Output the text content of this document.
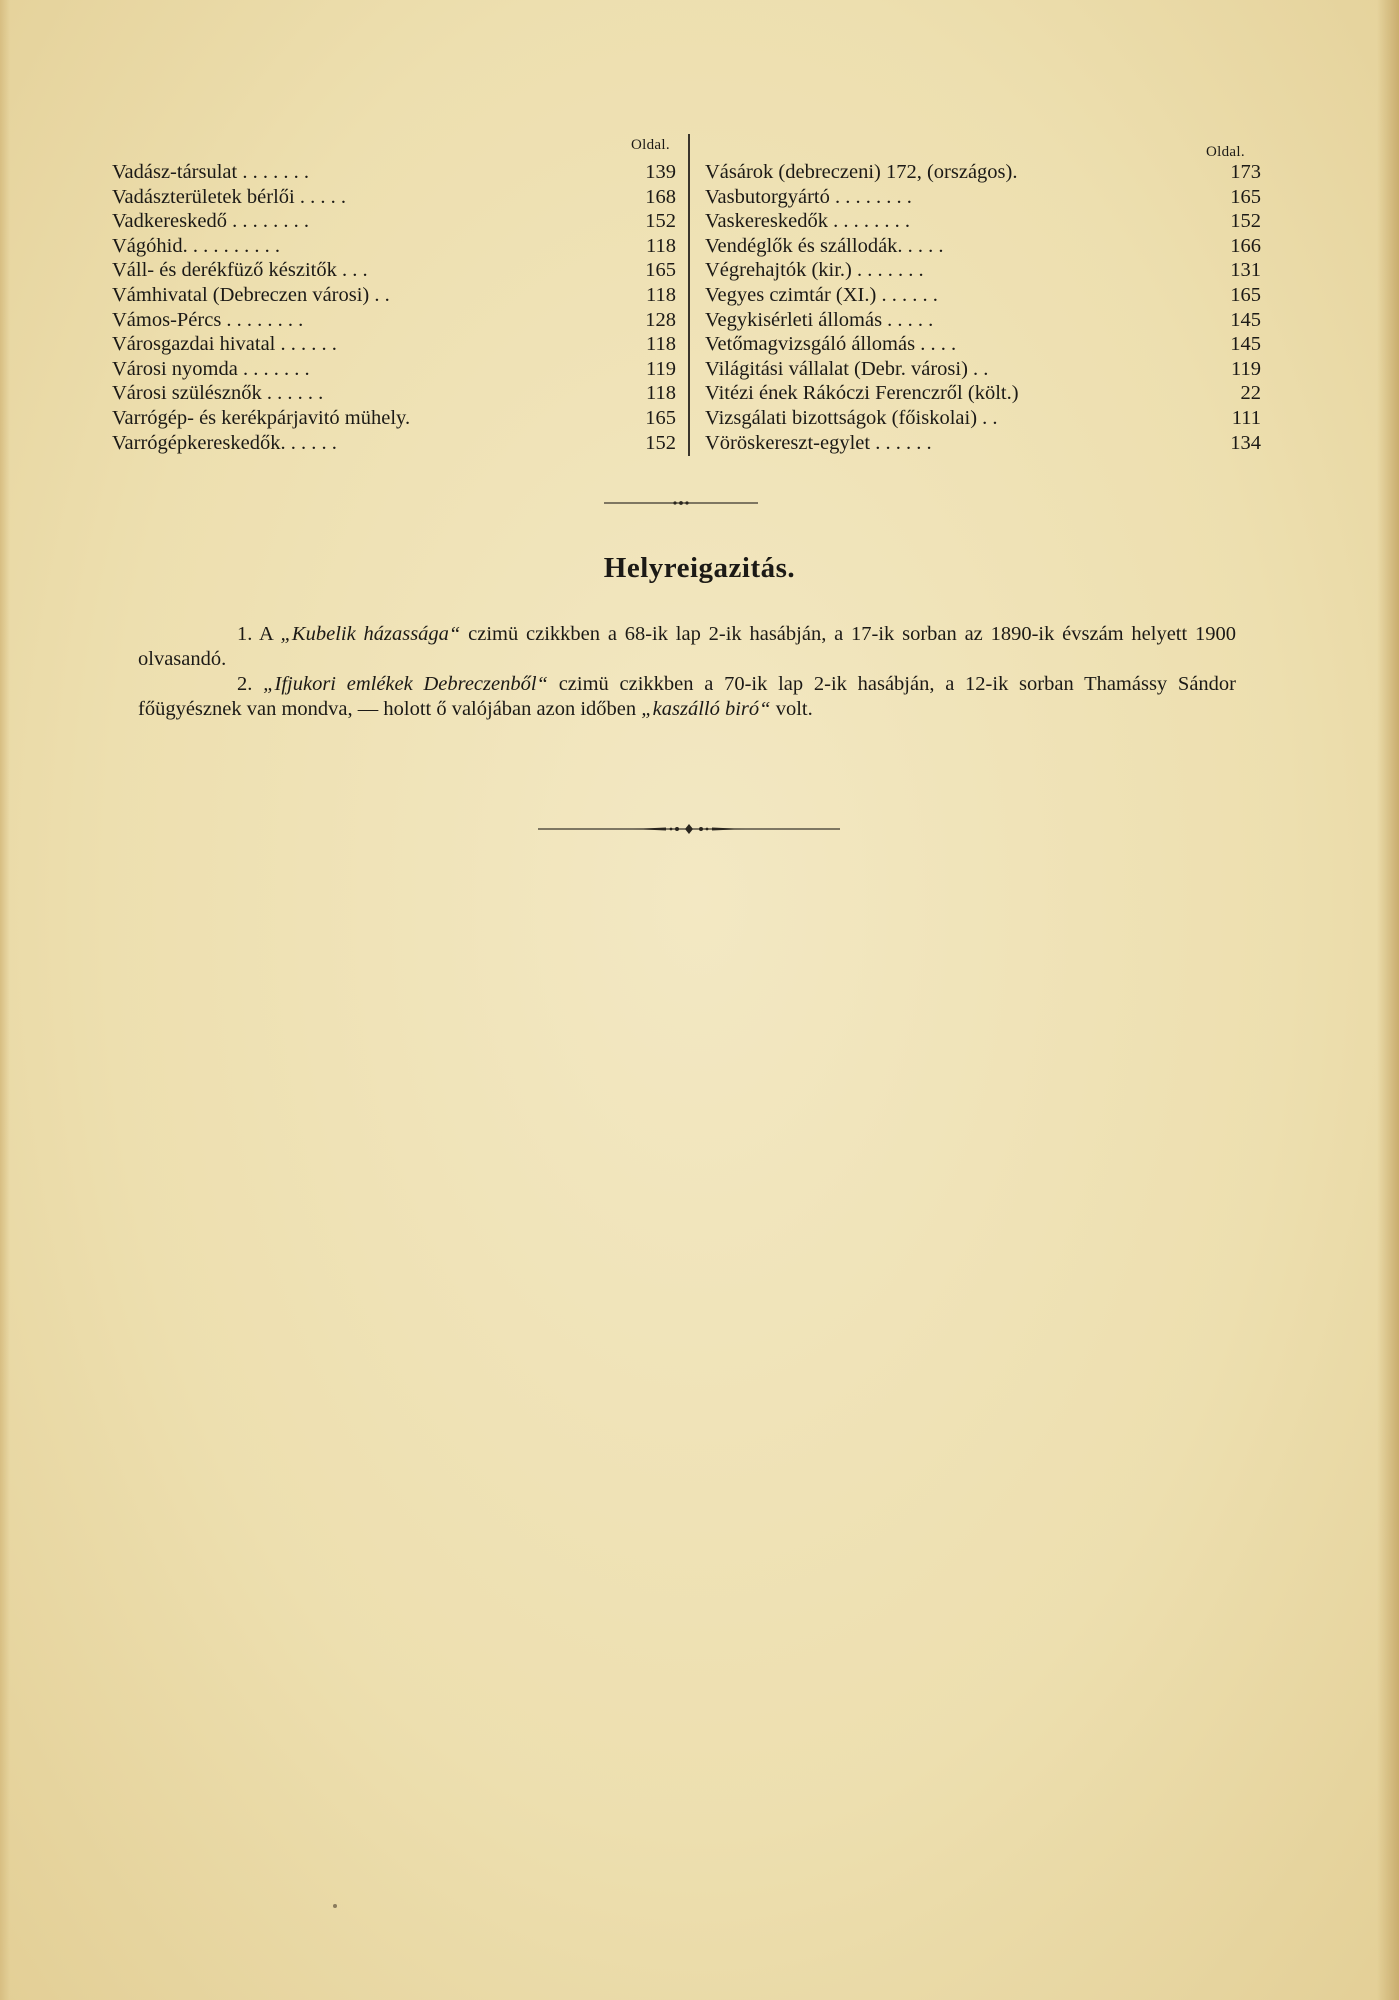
Oldal.
Vadász-társulat . . . . . . .	139
Vadászterületek bérlői . . . . .	168
Vadkereskedő . . . . . . . .	152
Vágóhid. . . . . . . . . .	118
Váll- és derékfüző készitők . . .	165
Vámhivatal (Debreczen városi) . .	118
Vámos-Pércs . . . . . . . .	128
Városgazdai hivatal . . . . . .	118
Városi nyomda . . . . . . .	119
Városi szülésznők . . . . . .	118
Varrógép- és kerékpárjavitó mühely.	165
Varrógépkereskedők. . . . . .	152
Oldal.
Vásárok (debreczeni) 172, (országos).	173
Vasbutorgyártó . . . . . . . .	165
Vaskereskedők . . . . . . . .	152
Vendéglők és szállodák. . . . .	166
Végrehajtók (kir.) . . . . . . .	131
Vegyes czimtár (XI.) . . . . . .	165
Vegykisérleti állomás . . . . .	145
Vetőmagvizsgáló állomás . . . .	145
Világitási vállalat (Debr. városi) . .	119
Vitézi ének Rákóczi Ferenczről (költ.)	22
Vizsgálati bizottságok (főiskolai) . .	111
Vöröskereszt-egylet . . . . . .	134
Helyreigazitás.

1. A „Kubelik házassága“ czimü czikkben a 68-ik lap 2-ik hasábján, a 17-ik sorban az 1890-ik évszám helyett 1900 olvasandó.

2. „Ifjukori emlékek Debreczenből“ czimü czikkben a 70-ik lap 2-ik hasábján, a 12-ik sorban Thamássy Sándor főügyésznek van mondva, — holott ő valójában azon időben „kaszálló biró“ volt.
